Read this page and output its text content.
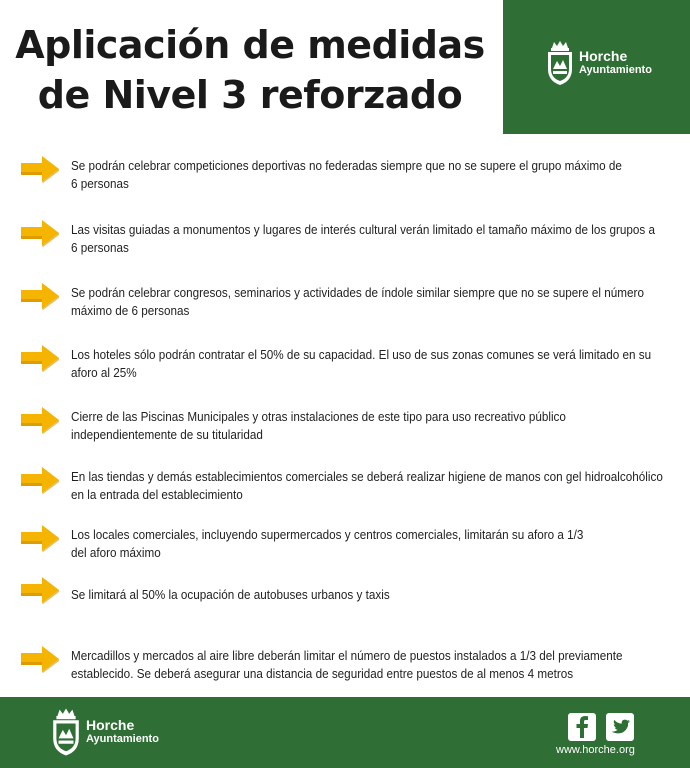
Aplicación de medidas
de Nivel 3 reforzado
Horche
Ayuntamiento
Se podrán celebrar competiciones deportivas no federadas siempre que no se supere el grupo máximo de
6 personas
Las visitas guiadas a monumentos y lugares de interés cultural verán limitado el tamaño máximo de los grupos a
6 personas
Se podrán celebrar congresos, seminarios y actividades de índole similar siempre que no se supere el número
máximo de 6 personas
Los hoteles sólo podrán contratar el 50% de su capacidad. El uso de sus zonas comunes se verá limitado en su
aforo al 25%
Cierre de las Piscinas Municipales y otras instalaciones de este tipo para uso recreativo público
independientemente de su titularidad
En las tiendas y demás establecimientos comerciales se deberá realizar higiene de manos con gel hidroalcohólico
en la entrada del establecimiento
Los locales comerciales, incluyendo supermercados y centros comerciales, limitarán su aforo a 1/3
del aforo máximo
Se limitará al 50% la ocupación de autobuses urbanos y taxis
Mercadillos y mercados al aire libre deberán limitar el número de puestos instalados a 1/3 del previamente
establecido. Se deberá asegurar una distancia de seguridad entre puestos de al menos 4 metros
Horche
Ayuntamiento
www.horche.org
